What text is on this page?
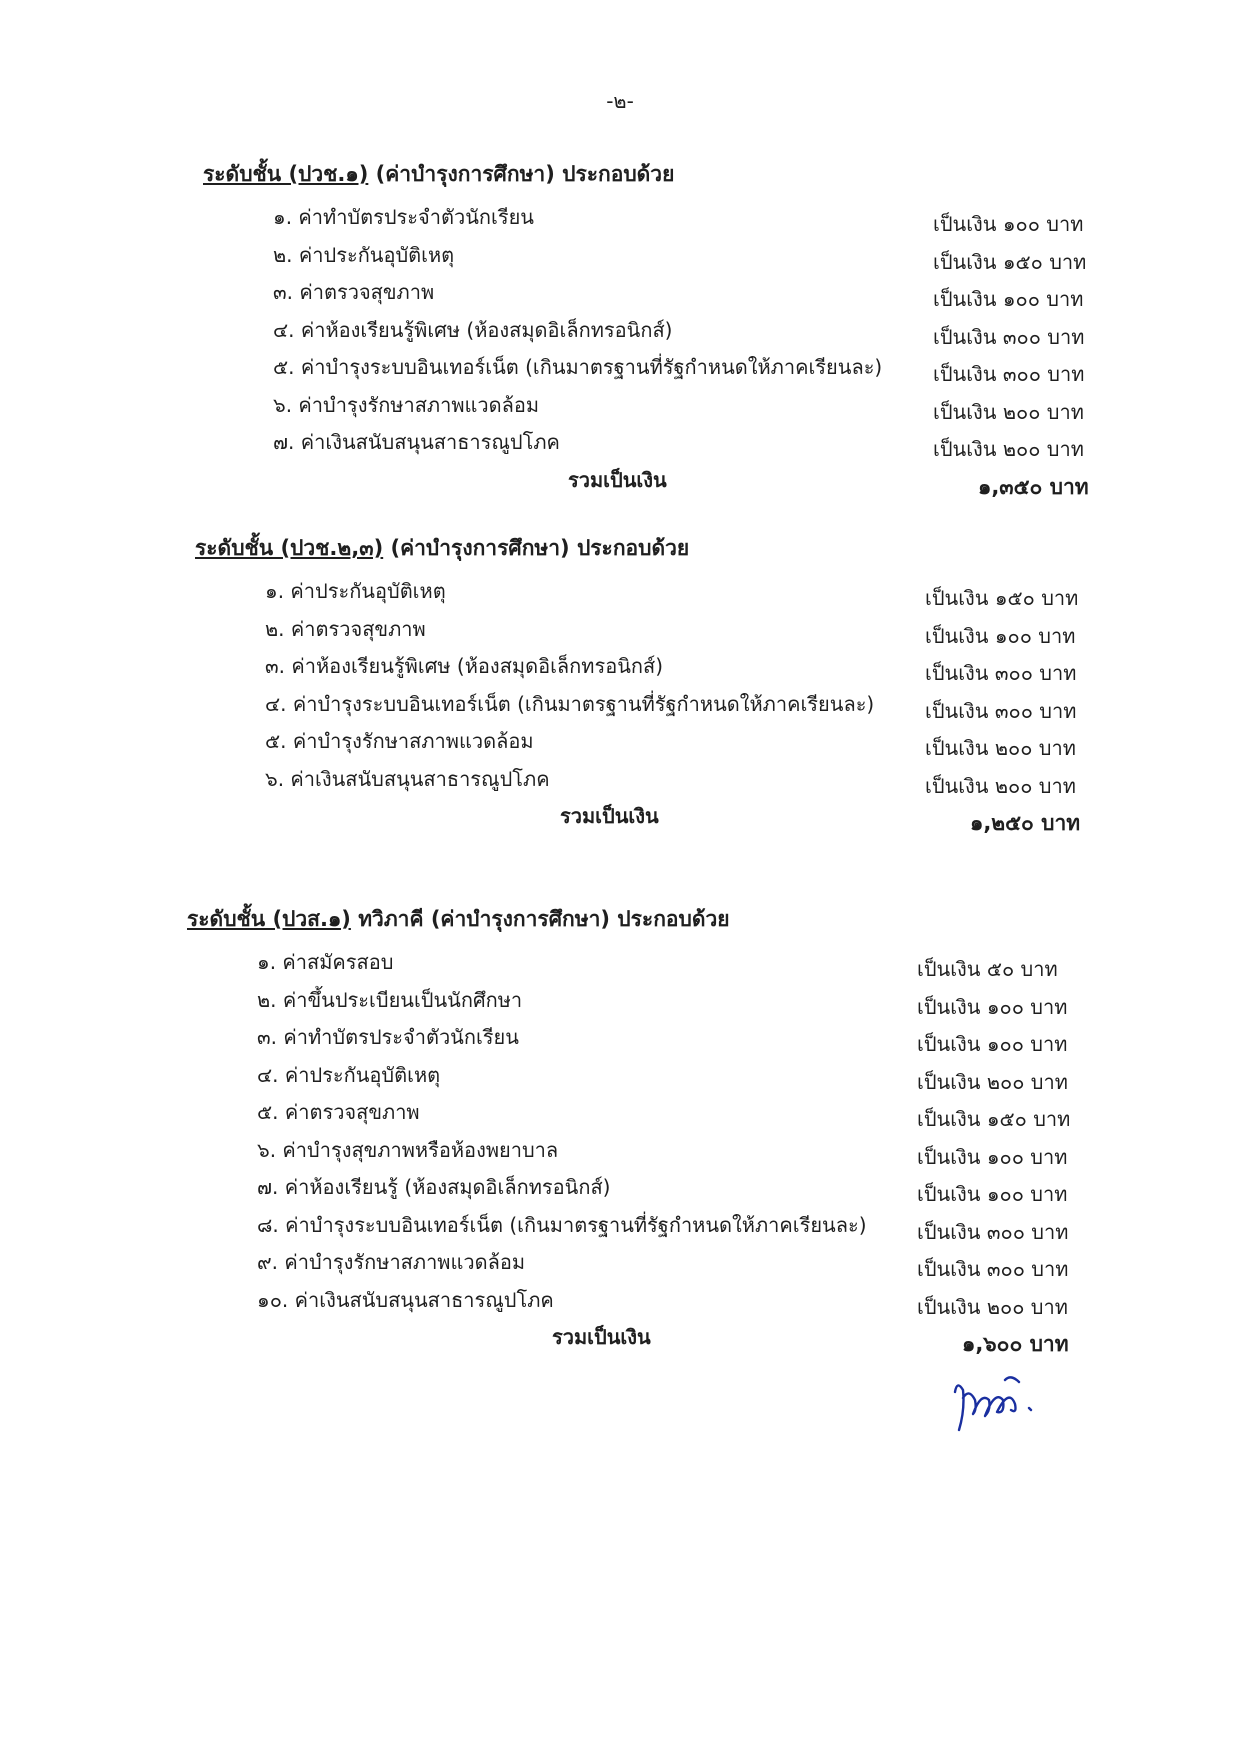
-๒-
ระดับชั้น (ปวช.๑) (ค่าบำรุงการศึกษา) ประกอบด้วย
๑. ค่าทำบัตรประจำตัวนักเรียน	เป็นเงิน ๑๐๐ บาท
๒. ค่าประกันอุบัติเหตุ	เป็นเงิน ๑๕๐ บาท
๓. ค่าตรวจสุขภาพ	เป็นเงิน ๑๐๐ บาท
๔. ค่าห้องเรียนรู้พิเศษ (ห้องสมุดอิเล็กทรอนิกส์)	เป็นเงิน ๓๐๐ บาท
๕. ค่าบำรุงระบบอินเทอร์เน็ต (เกินมาตรฐานที่รัฐกำหนดให้ภาคเรียนละ)	เป็นเงิน ๓๐๐ บาท
๖. ค่าบำรุงรักษาสภาพแวดล้อม	เป็นเงิน ๒๐๐ บาท
๗. ค่าเงินสนับสนุนสาธารณูปโภค	เป็นเงิน ๒๐๐ บาท
รวมเป็นเงิน	๑,๓๕๐ บาท
ระดับชั้น (ปวช.๒,๓) (ค่าบำรุงการศึกษา) ประกอบด้วย
๑. ค่าประกันอุบัติเหตุ	เป็นเงิน ๑๕๐ บาท
๒. ค่าตรวจสุขภาพ	เป็นเงิน ๑๐๐ บาท
๓. ค่าห้องเรียนรู้พิเศษ (ห้องสมุดอิเล็กทรอนิกส์)	เป็นเงิน ๓๐๐ บาท
๔. ค่าบำรุงระบบอินเทอร์เน็ต (เกินมาตรฐานที่รัฐกำหนดให้ภาคเรียนละ)	เป็นเงิน ๓๐๐ บาท
๕. ค่าบำรุงรักษาสภาพแวดล้อม	เป็นเงิน ๒๐๐ บาท
๖. ค่าเงินสนับสนุนสาธารณูปโภค	เป็นเงิน ๒๐๐ บาท
รวมเป็นเงิน	๑,๒๕๐ บาท
ระดับชั้น (ปวส.๑) ทวิภาคี (ค่าบำรุงการศึกษา) ประกอบด้วย
๑. ค่าสมัครสอบ	เป็นเงิน ๕๐ บาท
๒. ค่าขึ้นประเบียนเป็นนักศึกษา	เป็นเงิน ๑๐๐ บาท
๓. ค่าทำบัตรประจำตัวนักเรียน	เป็นเงิน ๑๐๐ บาท
๔. ค่าประกันอุบัติเหตุ	เป็นเงิน ๒๐๐ บาท
๕. ค่าตรวจสุขภาพ	เป็นเงิน ๑๕๐ บาท
๖. ค่าบำรุงสุขภาพหรือห้องพยาบาล	เป็นเงิน ๑๐๐ บาท
๗. ค่าห้องเรียนรู้ (ห้องสมุดอิเล็กทรอนิกส์)	เป็นเงิน ๑๐๐ บาท
๘. ค่าบำรุงระบบอินเทอร์เน็ต (เกินมาตรฐานที่รัฐกำหนดให้ภาคเรียนละ)	เป็นเงิน ๓๐๐ บาท
๙. ค่าบำรุงรักษาสภาพแวดล้อม	เป็นเงิน ๓๐๐ บาท
๑๐. ค่าเงินสนับสนุนสาธารณูปโภค	เป็นเงิน ๒๐๐ บาท
รวมเป็นเงิน	๑,๖๐๐ บาท
